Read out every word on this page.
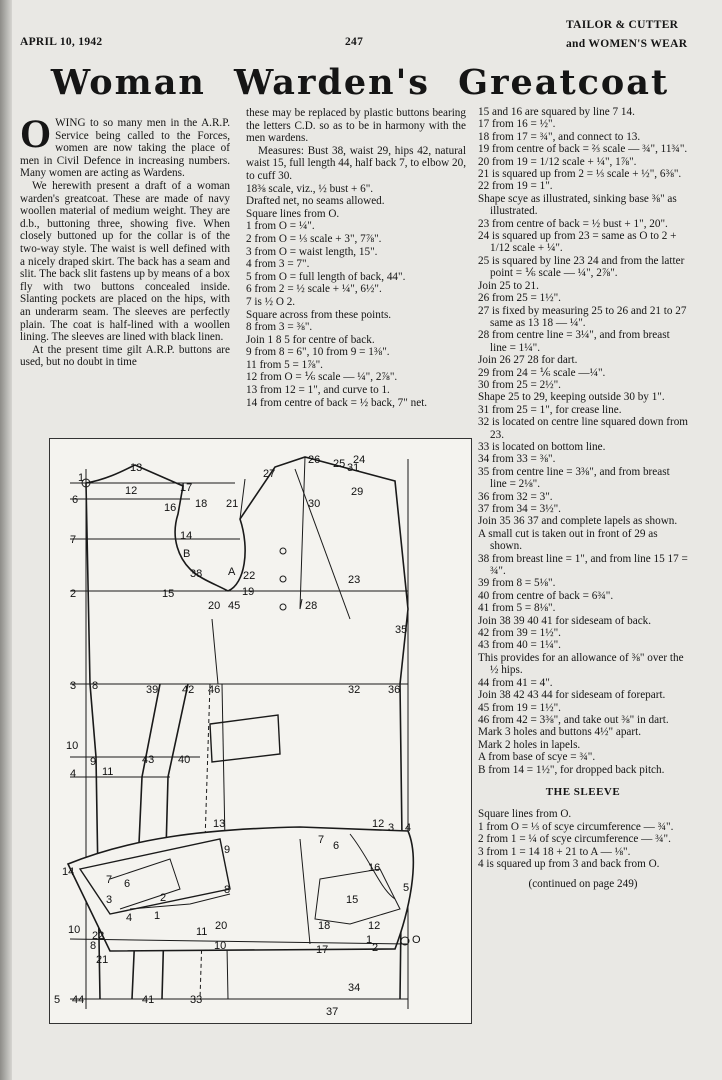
APRIL 10, 1942	247
TAILOR & CUTTER
and WOMEN'S WEAR
Woman Warden's Greatcoat

OWING to so many men in the A.R.P. Service being called to the Forces, women are now taking the place of men in Civil Defence in increasing numbers. Many women are acting as Wardens.

We herewith present a draft of a woman warden's greatcoat. These are made of navy woollen material of medium weight. They are d.b., buttoning three, showing five. When closely buttoned up for the collar is of the two-way style. The waist is well defined with a nicely draped skirt. The back has a seam and slit. The back slit fastens up by means of a box fly with two buttons concealed inside. Slanting pockets are placed on the hips, with an underarm seam. The sleeves are perfectly plain. The coat is half-lined with a woollen lining. The sleeves are lined with black linen.

At the present time gilt A.R.P. buttons are used, but no doubt in time

these may be replaced by plastic buttons bearing the letters C.D. so as to be in harmony with the men wardens.

Measures: Bust 38, waist 29, hips 42, natural waist 15, full length 44, half back 7, to elbow 20, to cuff 30.

18⅜ scale, viz., ½ bust + 6".

Drafted net, no seams allowed.

Square lines from O.

1 from O = ¼".

2 from O = ⅓ scale + 3", 7⅞".

3 from O = waist length, 15".

4 from 3 = 7".

5 from O = full length of back, 44".

6 from 2 = ½ scale + ¼", 6½".

7 is ½ O 2.

Square across from these points.

8 from 3 = ⅜".

Join 1 8 5 for centre of back.

9 from 8 = 6", 10 from 9 = 1⅜".

11 from 5 = 1⅞".

12 from O = ⅙ scale — ¼", 2⅞".

13 from 12 = 1", and curve to 1.

14 from centre of back = ½ back, 7" net.

15 and 16 are squared by line 7 14.

17 from 16 = ½".

18 from 17 = ¾", and connect to 13.

19 from centre of back = ⅔ scale — ¾", 11¾".

20 from 19 = 1/12 scale + ¼", 1⅞".

21 is squared up from 2 = ⅓ scale + ½", 6⅜".

22 from 19 = 1".

Shape scye as illustrated, sinking base ⅜" as illustrated.

23 from centre of back = ½ bust + 1", 20".

24 is squared up from 23 = same as O to 2 + 1/12 scale + ¼".

25 is squared by line 23 24 and from the latter point = ⅙ scale — ¼", 2⅞".

Join 25 to 21.

26 from 25 = 1½".

27 is fixed by measuring 25 to 26 and 21 to 27 same as 13 18 — ¼".

28 from centre line = 3¼", and from breast line = 1¼".

Join 26 27 28 for dart.

29 from 24 = ⅙ scale —¼".

30 from 25 = 2½".

Shape 25 to 29, keeping outside 30 by 1".

31 from 25 = 1", for crease line.

32 is located on centre line squared down from 23.

33 is located on bottom line.

34 from 33 = ⅜".

35 from centre line = 3⅜", and from breast line = 2⅛".

36 from 32 = 3".

37 from 34 = 3½".

Join 35 36 37 and complete lapels as shown.

A small cut is taken out in front of 29 as shown.

38 from breast line = 1", and from line 15 17 = ¾".

39 from 8 = 5⅛".

40 from centre of back = 6¾".

41 from 5 = 8⅛".

Join 38 39 40 41 for sideseam of back.

42 from 39 = 1½".

43 from 40 = 1¼".

This provides for an allowance of ⅜" over the ½ hips.

44 from 41 = 4".

Join 38 42 43 44 for sideseam of forepart.

45 from 19 = 1½".

46 from 42 = 3⅜", and take out ⅜" in dart.

Mark 3 holes and buttons 4½" apart.

Mark 2 holes in lapels.

A from base of scye = ¾".

B from 14 = 1½", for dropped back pitch.

THE SLEEVE

Square lines from O.

1 from O = ⅓ of scye circumference — ¾".

2 from 1 = ¼ of scye circumference — ¾".

3 from 1 = 14 18 + 21 to A — ⅛".

4 is squared up from 3 and back from O.

(continued on page 249)
1
13
12
6
17
18
16
27
26 25 31
24
30
29
21
14
7
B
38 A 22
15
20 45
19
2
28
23
35
3 8	39 42 46	32	36
10
4
9	43 40
11
5 44	41	33
34
37
13	12 3 4
7 6
9
16
14
7 6	8
2	15
5
3
4 1
12
10	20
11
22
8
21
10
18
17
1
2
O
